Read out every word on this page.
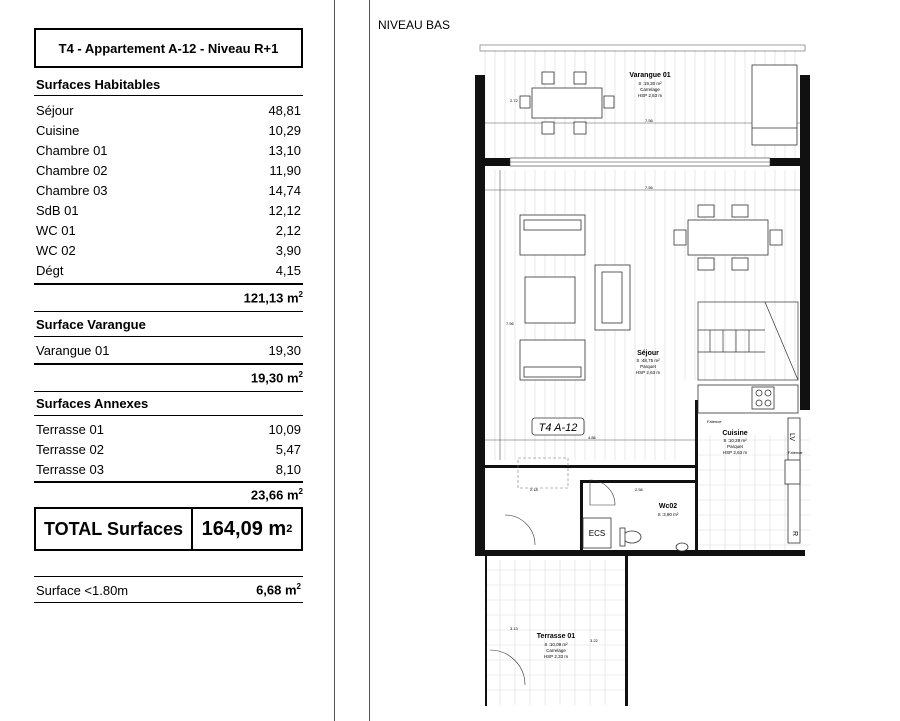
T4 - Appartement A-12 - Niveau R+1
Surfaces Habitables
Séjour	48,81
Cuisine	10,29
Chambre 01	13,10
Chambre 02	11,90
Chambre 03	14,74
SdB 01	12,12
WC 01	2,12
WC 02	3,90
Dégt	4,15
121,13 $m^2$
Surface Varangue
Varangue 01	19,30
19,30 $m^2$
Surfaces Annexes
Terrasse 01	10,09
Terrasse 02	5,47
Terrasse 03	8,10
23,66 $m^2$
TOTAL Surfaces 164,09 m 2
Surface <1.80m	6,68 $m^2$
NIVEAU BAS
7.56
7.56
4.86
7.56
2.18	2.56
3.22
2.72
3.13
Varangue 01
S :19,30 m²
Carrelage
HSP 2,63 m
Séjour
S :48,75 m²
Parquet
HSP 2,63 m
T4 A-12	Cuisine
S :10,29 m²
Parquet
HSP 2,63 m
Faïence
Faïence
LV
R
ECS
Wc02
S :3,90 m²
Terrasse 01
S :10,09 m²
Carrelage
HSP 2,33 m
